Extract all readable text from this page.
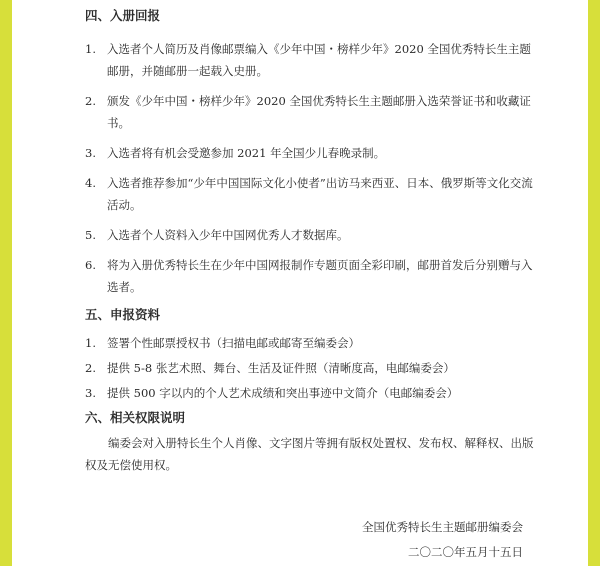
四、入册回报
1. 入选者个人简历及肖像邮票编入《少年中国・榜样少年》2020 全国优秀特长生主题邮册，并随邮册一起载入史册。
2. 颁发《少年中国・榜样少年》2020 全国优秀特长生主题邮册入选荣誉证书和收藏证书。
3. 入选者将有机会受邀参加 2021 年全国少儿春晚录制。
4. 入选者推荐参加“少年中国国际文化小使者”出访马来西亚、日本、俄罗斯等文化交流活动。
5. 入选者个人资料入少年中国网优秀人才数据库。
6. 将为入册优秀特长生在少年中国网报制作专题页面全彩印刷，邮册首发后分别赠与入选者。
五、申报资料
1. 签署个性邮票授权书（扫描电邮或邮寄至编委会）
2. 提供 5-8 张艺术照、舞台、生活及证件照（清晰度高，电邮编委会）
3. 提供 500 字以内的个人艺术成绩和突出事迹中文简介（电邮编委会）
六、相关权限说明
编委会对入册特长生个人肖像、文字图片等拥有版权处置权、发布权、解释权、出版权及无偿使用权。
全国优秀特长生主题邮册编委会
二〇二〇年五月十五日
